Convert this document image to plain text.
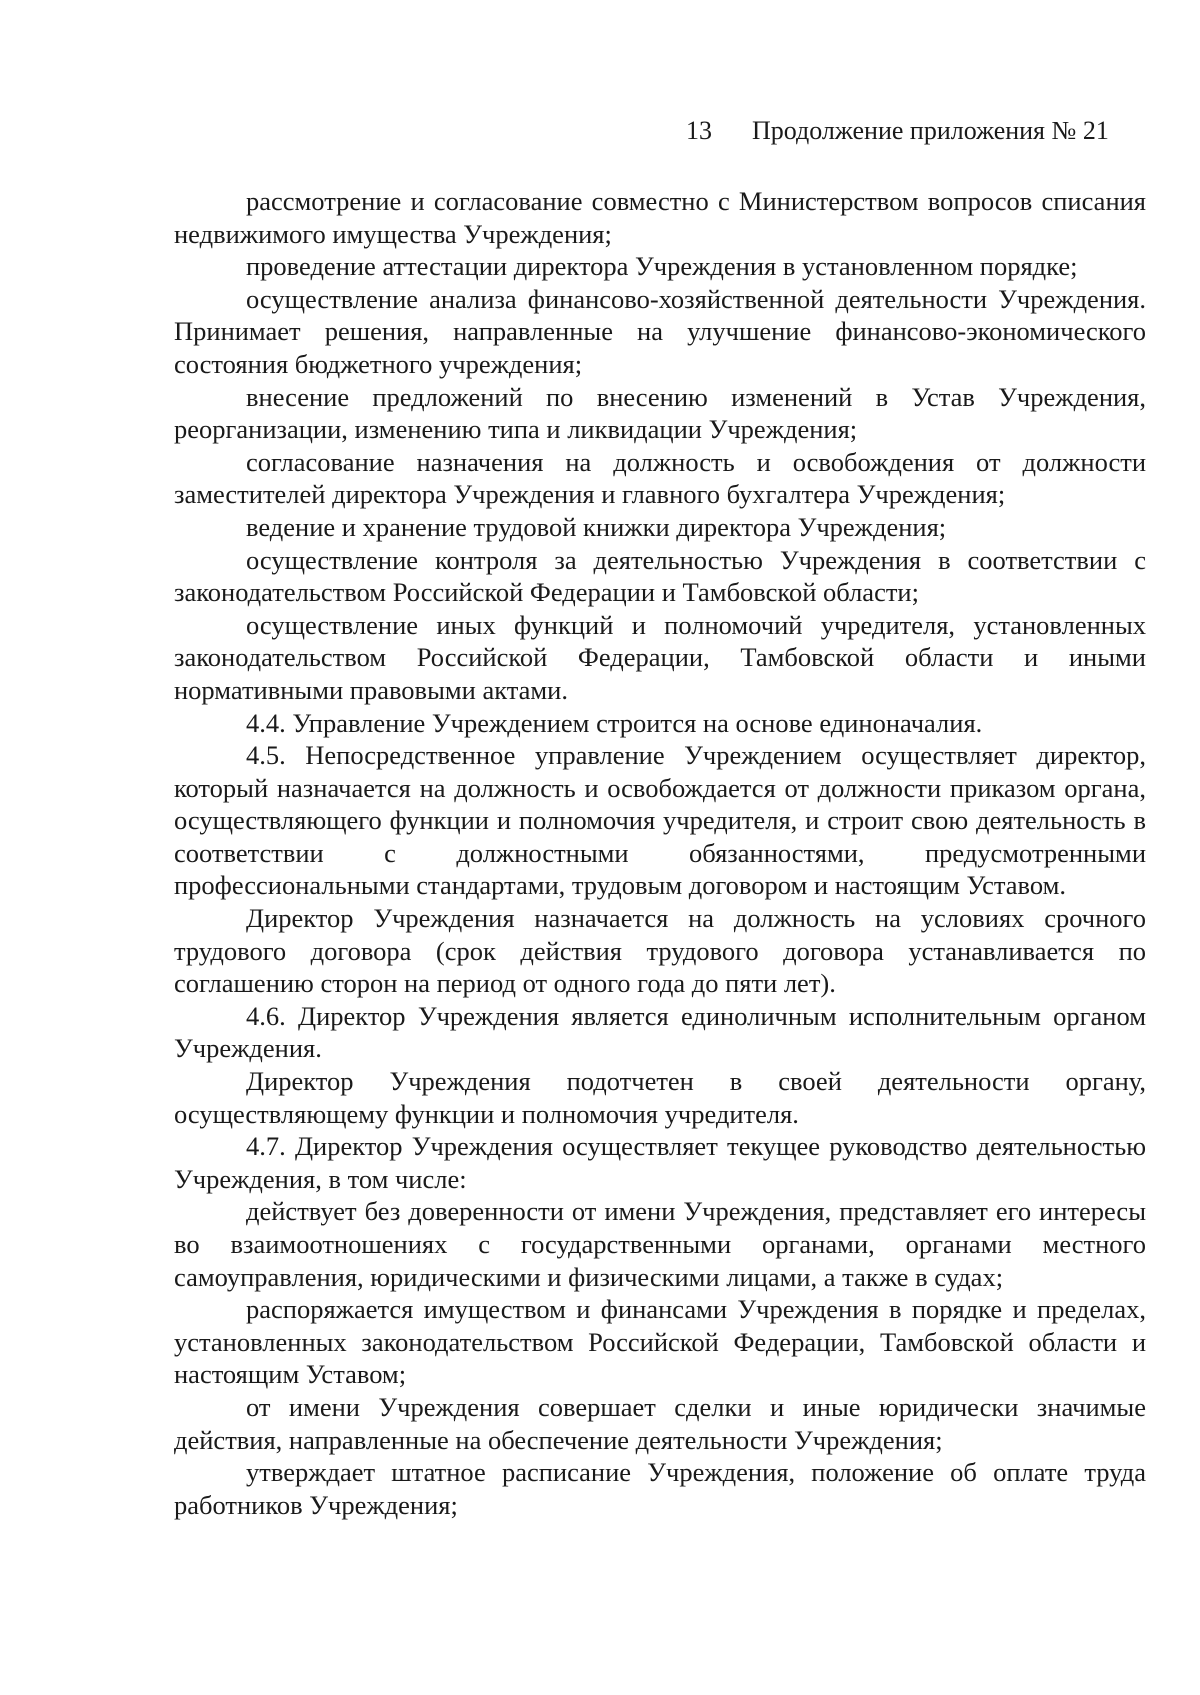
13 Продолжение приложения № 21

рассмотрение и согласование совместно с Министерством вопросов списания недвижимого имущества Учреждения;

проведение аттестации директора Учреждения в установленном порядке;

осуществление анализа финансово-хозяйственной деятельности Учреждения. Принимает решения, направленные на улучшение финансово-экономического состояния бюджетного учреждения;

внесение предложений по внесению изменений в Устав Учреждения, реорганизации, изменению типа и ликвидации Учреждения;

согласование назначения на должность и освобождения от должности заместителей директора Учреждения и главного бухгалтера Учреждения;

ведение и хранение трудовой книжки директора Учреждения;

осуществление контроля за деятельностью Учреждения в соответствии с законодательством Российской Федерации и Тамбовской области;

осуществление иных функций и полномочий учредителя, установленных законодательством Российской Федерации, Тамбовской области и иными нормативными правовыми актами.

4.4. Управление Учреждением строится на основе единоначалия.

4.5. Непосредственное управление Учреждением осуществляет директор, который назначается на должность и освобождается от должности приказом органа, осуществляющего функции и полномочия учредителя, и строит свою деятельность в соответствии с должностными обязанностями, предусмотренными профессиональными стандартами, трудовым договором и настоящим Уставом.

Директор Учреждения назначается на должность на условиях срочного трудового договора (срок действия трудового договора устанавливается по соглашению сторон на период от одного года до пяти лет).

4.6. Директор Учреждения является единоличным исполнительным органом Учреждения.

Директор Учреждения подотчетен в своей деятельности органу, осуществляющему функции и полномочия учредителя.

4.7. Директор Учреждения осуществляет текущее руководство деятельностью Учреждения, в том числе:

действует без доверенности от имени Учреждения, представляет его интересы во взаимоотношениях с государственными органами, органами местного самоуправления, юридическими и физическими лицами, а также в судах;

распоряжается имуществом и финансами Учреждения в порядке и пределах, установленных законодательством Российской Федерации, Тамбовской области и настоящим Уставом;

от имени Учреждения совершает сделки и иные юридически значимые действия, направленные на обеспечение деятельности Учреждения;

утверждает штатное расписание Учреждения, положение об оплате труда работников Учреждения;
